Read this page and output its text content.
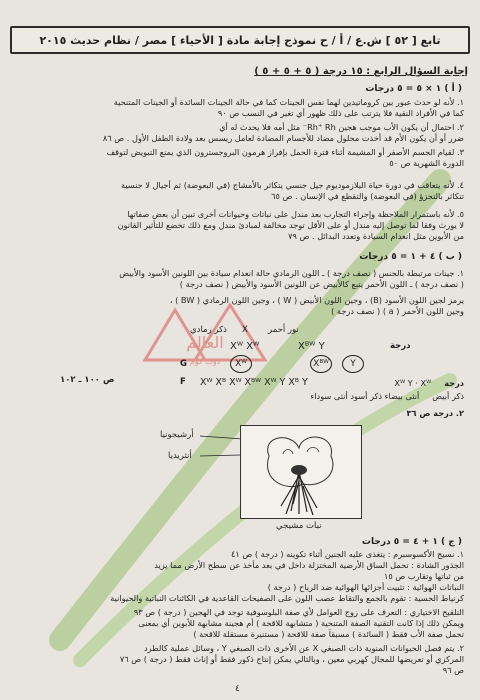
تابع [ ٥٢ ] ش.ع / أ / ح نموذج إجابة مادة [ الأحياء ] مصر / نظام حديث ٢٠١٥
إجابة السؤال الرابع : ١٥ درجة ( ٥ + ٥ + ٥ )
( أ ) ١ × ٥ = ٥ درجات
١. لأنه لو حدث عبور بين كروماتيدين لهما نفس الجينات كما في حالة الجينات السائدة أو الجينات المتنحية
كما في الأفراد النقية فلا يترتب على ذلك ظهور أي تغير في النسب ص ٩٠
٢. احتمال أن يكون الأب موجب هجين Rh⁺ Rh⁻ مثل أمه فلا يحدث له أي
ضرر أو أن يكون الأم قد أخذت محلول مضاد للأجسام المضادة لعامل ريسس بعد ولادة الطفل الأول . ص ٨٦
٣. لقيام الجسم الأصفر أو المشيمة أثناء فترة الحمل بإفراز هرمون البروجسترون الذي يمنع التبويض لتوقف
الدورة الشهرية ص ٥٠
٤. لأنه يتعاقب في دورة حياة البلازموديوم جيل جنسي يتكاثر بالأمشاج (في البعوضة) ثم أجيال لا جنسية
تتكاثر بالتجزؤ (في البعوضة) والتقطع في الإنسان . ص ٦٥
٥. لأنه باستمرار الملاحظة وإجراء التجارب بعد مندل على نباتات وحيوانات أخرى تبين أن بعض صفاتها
لا يورث وفقا لما توصل إليه مندل أو على الأقل توجد مخالفة لمبادئ مندل ومع ذلك تخضع للتأثير القانون
من الأبوين مثل انعدام السيادة وتعدد البدائل . ص ٧٩
( ب ) ٤ + ١ = ٥ درجات
١. جينات مرتبطة بالجنس ( نصف درجة ) ـ اللون الرمادي حالة انعدام سيادة بين اللونين الأسود والأبيض
( نصف درجة ) ـ اللون الأحمر يتبع كالأبيض عن اللونين الأسود والأبيض ( نصف درجة )
يرمز لجين اللون الأسود (B) ، وجين اللون الأبيض ( W ) ، وجين اللون الرمادي ( BW ) ،
وجين اللون الأحمر ( a ) ( نصف درجة )
العالم
دوت كوم
نور أحمر
X
ذكر رمادي
درجة
Xᵂ Xᵂ	Xᴮᵂ Y
G	Xᵂ	Xᴮᵂ	Y
F Xᵂ Xᴮ Xᵂ Xᴮᵂ Xᵂ Y Xᴮ Y
ص ١٠٠ ـ ١٠٢	درجة     Xᵂ Y · Xᵂ
ذكر أبيض     أنثى بيضاء ذكر أسود أنثى سوداء
٢. درجة ص ٣٦
أرشيجونيا
أنثريديا
نبات مشيجي
( ج ) ١ + ٤ = ٥ درجات
١. نسيج الأكسوسبرم : يتغذى عليه الجنين أثناء تكوينه ( درجة ) ص ٤١
الجذور الشادة : تحمل الساق الأرضية المختزلة داخل في بعد مأخذ عن سطح الأرض مما يزيد
من ثباتها وتقارب ص ١٥
النباتات الهوائية : تثبيت أجزائها الهوائية ضد الرياح ( درجة )
كرنياط الحسية : تقوم بالجمع والتقاط عصب اللون على الصفيحات القاعدية في الكائنات النباتية والحيوانية
التلقيح الاختياري : التعرف على زوج العوامل لأي صفة البلوسوفية توجد في الهجين ( درجة ) ص ٩٣
ويمكن ذلك إذا كانت التقنية الصفة المتنحية ( متشابهة للاقحة ) أم هجينة مشابهة للأبوين أي بمعنى
تحمل صفة الأب فقط ( السائدة ) مسبقاً صفة للاقحة ( مستنيرة مستقلة للاقحة )
٢. يتم فصل الحيوانات المنوية ذات الصبغي X عن الأخرى ذات الصبغي Y ، وسائل عملية كالطرد
المركزي أو تعريضها للمجال كهربي معين ، وبالتالي يمكن إنتاج ذكور فقط أو إناث فقط ( درجة ) ص ٧٦
ص ٩٦
٤
